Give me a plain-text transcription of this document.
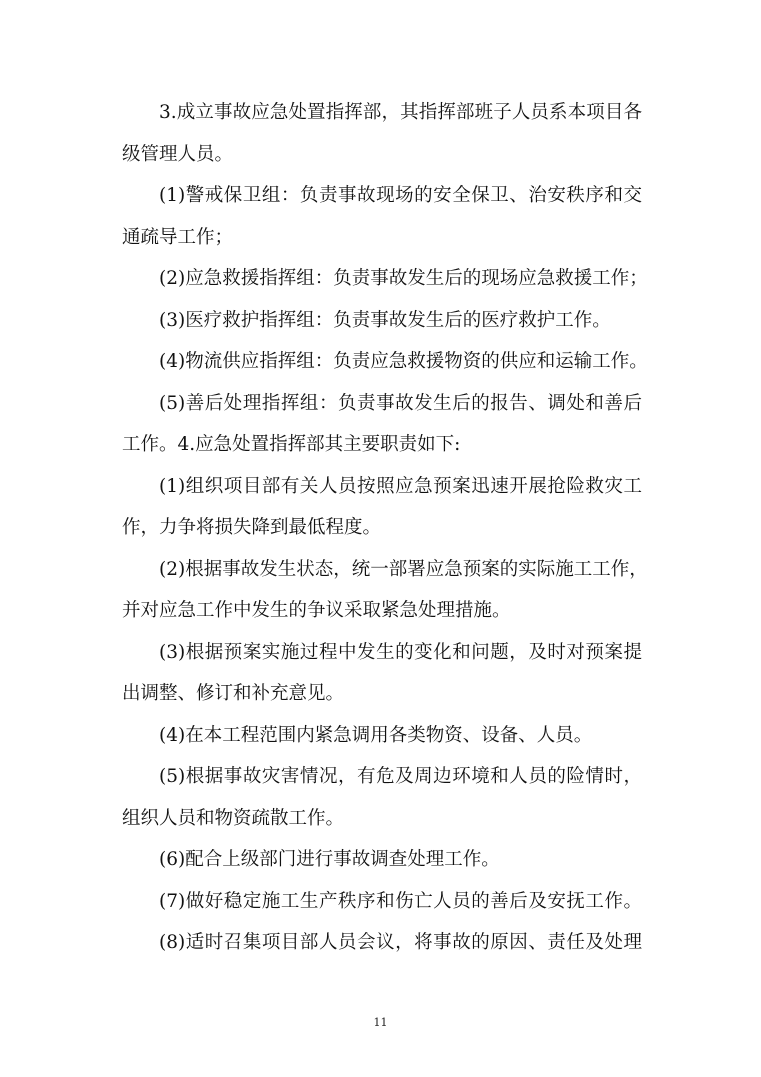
3.成立事故应急处置指挥部，其指挥部班子人员系本项目各
级管理人员。
(1)警戒保卫组：负责事故现场的安全保卫、治安秩序和交
通疏导工作；
(2)应急救援指挥组：负责事故发生后的现场应急救援工作；
(3)医疗救护指挥组：负责事故发生后的医疗救护工作。
(4)物流供应指挥组：负责应急救援物资的供应和运输工作。
(5)善后处理指挥组：负责事故发生后的报告、调处和善后
工作。4.应急处置指挥部其主要职责如下:
(1)组织项目部有关人员按照应急预案迅速开展抢险救灾工
作，力争将损失降到最低程度。
(2)根据事故发生状态，统一部署应急预案的实际施工工作，
并对应急工作中发生的争议采取紧急处理措施。
(3)根据预案实施过程中发生的变化和问题，及时对预案提
出调整、修订和补充意见。
(4)在本工程范围内紧急调用各类物资、设备、人员。
(5)根据事故灾害情况，有危及周边环境和人员的险情时，
组织人员和物资疏散工作。
(6)配合上级部门进行事故调查处理工作。
(7)做好稳定施工生产秩序和伤亡人员的善后及安抚工作。
(8)适时召集项目部人员会议，将事故的原因、责任及处理
11
